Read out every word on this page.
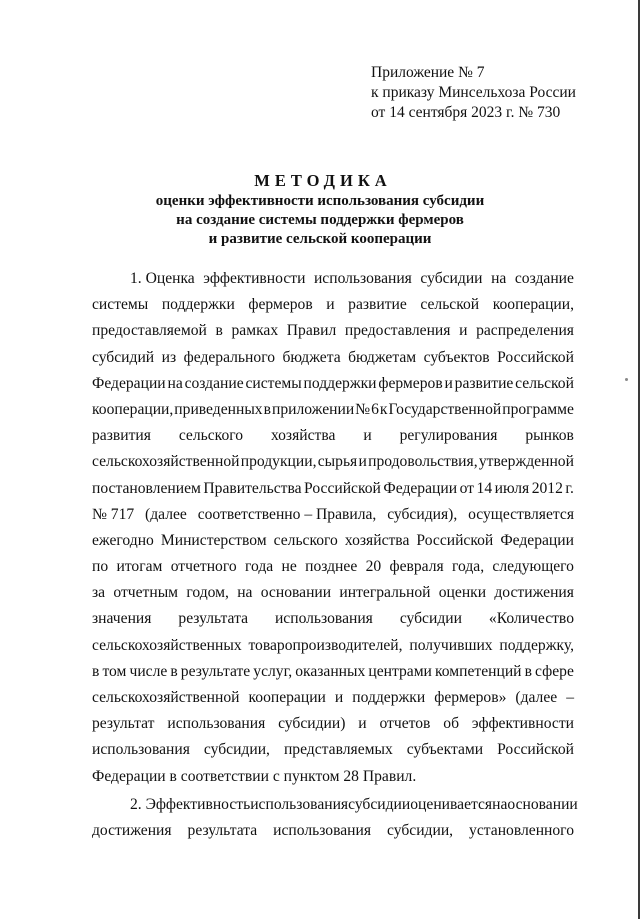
Приложение № 7
к приказу Минсельхоза России
от 14 сентября 2023 г. № 730
МЕТОДИКА
оценки эффективности использования субсидии
на создание системы поддержки фермеров
и развитие сельской кооперации
1. Оценка эффективности использования субсидии на создание
системы поддержки фермеров и развитие сельской кооперации,
предоставляемой в рамках Правил предоставления и распределения
субсидий из федерального бюджета бюджетам субъектов Российской
Федерации на создание системы поддержки фермеров и развитие сельской
кооперации, приведенных в приложении № 6 к Государственной программе
развития сельского хозяйства и регулирования рынков
сельскохозяйственной продукции, сырья и продовольствия, утвержденной
постановлением Правительства Российской Федерации от 14 июля 2012 г.
№ 717 (далее соответственно – Правила, субсидия), осуществляется
ежегодно Министерством сельского хозяйства Российской Федерации
по итогам отчетного года не позднее 20 февраля года, следующего
за отчетным годом, на основании интегральной оценки достижения
значения результата использования субсидии «Количество
сельскохозяйственных товаропроизводителей, получивших поддержку,
в том числе в результате услуг, оказанных центрами компетенций в сфере
сельскохозяйственной кооперации и поддержки фермеров» (далее –
результат использования субсидии) и отчетов об эффективности
использования субсидии, представляемых субъектами Российской
Федерации в соответствии с пунктом 28 Правил.
2. Эффективность использования субсидии оценивается на основании
достижения результата использования субсидии, установленного
